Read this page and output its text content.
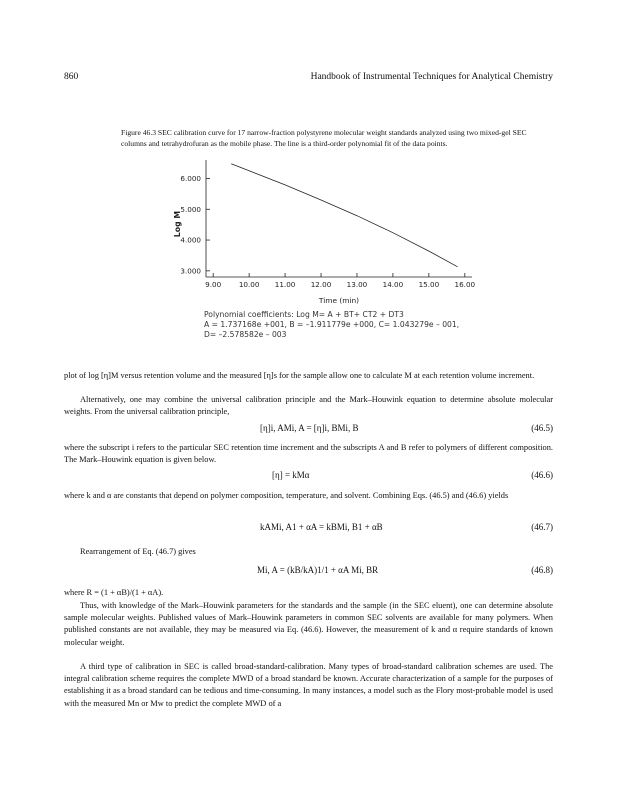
860	Handbook of Instrumental Techniques for Analytical Chemistry
Figure 46.3 SEC calibration curve for 17 narrow-fraction polystyrene molecular weight standards analyzed using two mixed-gel SEC columns and tetrahydrofuran as the mobile phase. The line is a third-order polynomial fit of the data points.
9.00 10.00 11.00 12.00 13.00 14.00 15.00 16.00
3.000
4.000
5.000
6.000
Time (min)
Log M
Polynomial coefficients: Log M= A + BT+ CT2 + DT3
A = 1.737168e +001, B = –1.911779e +000, C= 1.043279e – 001,
D= –2.578582e – 003
plot of log [η]M versus retention volume and the measured [η]s for the sample allow one to calculate M at each retention volume increment.
Alternatively, one may combine the universal calibration principle and the Mark–Houwink equation to determine absolute molecular weights. From the universal calibration principle,
[η]i, AMi, A = [η]i, BMi, B	(46.5)
where the subscript i refers to the particular SEC retention time increment and the subscripts A and B refer to polymers of different composition. The Mark–Houwink equation is given below.
[η] = kMα	(46.6)
where k and α are constants that depend on polymer composition, temperature, and solvent. Combining Eqs. (46.5) and (46.6) yields
kAMi, A1 + αA = kBMi, B1 + αB	(46.7)
Rearrangement of Eq. (46.7) gives
Mi, A = (kB/kA)1/1 + αA Mi, BR	(46.8)
where R = (1 + αB)/(1 + αA).
Thus, with knowledge of the Mark–Houwink parameters for the standards and the sample (in the SEC eluent), one can determine absolute sample molecular weights. Published values of Mark–Houwink parameters in common SEC solvents are available for many polymers. When published constants are not available, they may be measured via Eq. (46.6). However, the measurement of k and α require standards of known molecular weight.
A third type of calibration in SEC is called broad-standard-calibration. Many types of broad-standard calibration schemes are used. The integral calibration scheme requires the complete MWD of a broad standard be known. Accurate characterization of a sample for the purposes of establishing it as a broad standard can be tedious and time-consuming. In many instances, a model such as the Flory most-probable model is used with the measured Mn or Mw to predict the complete MWD of a
